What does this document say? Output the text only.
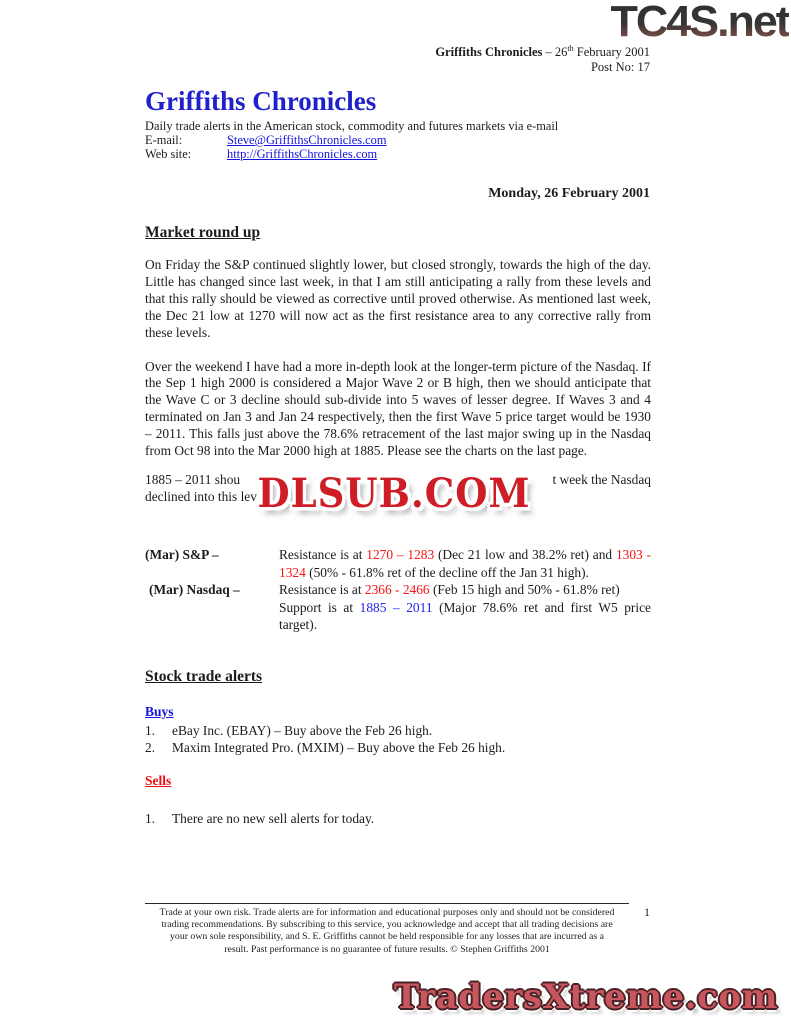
TC4S.net
Griffiths Chronicles – 26th February 2001
Post No: 17
Griffiths Chronicles
Daily trade alerts in the American stock, commodity and futures markets via e-mail
E-mail:	Steve@GriffithsChronicles.com
Web site:	http://GriffithsChronicles.com
Monday, 26 February 2001
Market round up

On Friday the S&P continued slightly lower, but closed strongly, towards the high of the day. Little has changed since last week, in that I am still anticipating a rally from these levels and that this rally should be viewed as corrective until proved otherwise. As mentioned last week, the Dec 21 low at 1270 will now act as the first resistance area to any corrective rally from these levels.

Over the weekend I have had a more in-depth look at the longer-term picture of the Nasdaq. If the Sep 1 high 2000 is considered a Major Wave 2 or B high, then we should anticipate that the Wave C or 3 decline should sub-divide into 5 waves of lesser degree. If Waves 3 and 4 terminated on Jan 3 and Jan 24 respectively, then the first Wave 5 price target would be 1930 – 2011. This falls just above the 78.6% retracement of the last major swing up in the Nasdaq from Oct 98 into the Mar 2000 high at 1885. Please see the charts on the last page.

1885 – 2011 shou	t week the Nasdaq
declined into this lev DLSUB.COM
(Mar) S&P –	Resistance is at 1270 – 1283 (Dec 21 low and 38.2% ret) and 1303 - 1324 (50% - 61.8% ret of the decline off the Jan 31 high).
(Mar) Nasdaq –	Resistance is at 2366 - 2466 (Feb 15 high and 50% - 61.8% ret)
Support is at 1885 – 2011 (Major 78.6% ret and first W5 price target).
Stock trade alerts
Buys
1.	eBay Inc. (EBAY) – Buy above the Feb 26 high.
2.	Maxim Integrated Pro. (MXIM) – Buy above the Feb 26 high.
Sells
1.	There are no new sell alerts for today.
Trade at your own risk. Trade alerts are for information and educational purposes only and should not be considered trading recommendations. By subscribing to this service, you acknowledge and accept that all trading decisions are your own sole responsibility, and S. E. Griffiths cannot be held responsible for any losses that are incurred as a result. Past performance is no guarantee of future results. © Stephen Griffiths 2001
1
TradersXtreme.com
